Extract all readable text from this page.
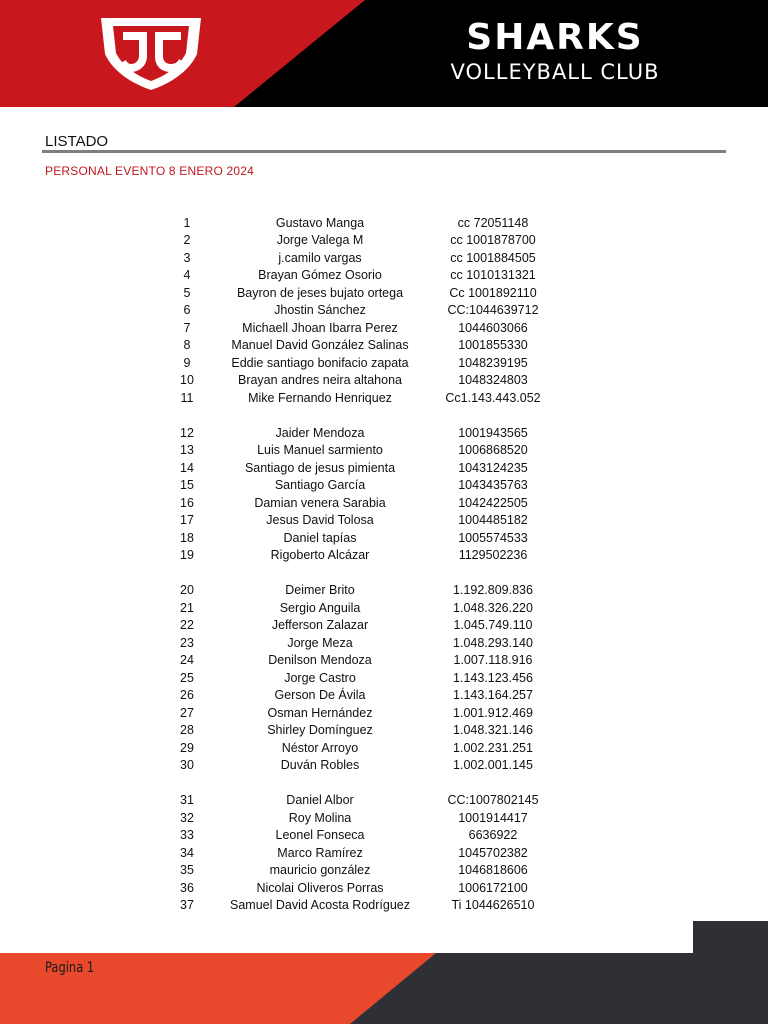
SHARKS
VOLLEYBALL CLUB
LISTADO
PERSONAL EVENTO 8 ENERO 2024
1	Gustavo Manga	cc 72051148
2	Jorge Valega M	cc 1001878700
3	j.camilo vargas	cc 1001884505
4	Brayan Gómez Osorio	cc 1010131321
5	Bayron de jeses bujato ortega	Cc 1001892110
6	Jhostin Sánchez	CC:1044639712
7	Michaell Jhoan Ibarra Perez	1044603066
8	Manuel David González Salinas	1001855330
9	Eddie santiago bonifacio zapata	1048239195
10	Brayan andres neira altahona	1048324803
11	Mike Fernando Henriquez	Cc1.143.443.052
12	Jaider Mendoza	1001943565
13	Luis Manuel sarmiento	1006868520
14	Santiago de jesus pimienta	1043124235
15	Santiago García	1043435763
16	Damian venera Sarabia	1042422505
17	Jesus David Tolosa	1004485182
18	Daniel tapías	1005574533
19	Rigoberto Alcázar	1129502236
20	Deimer Brito	1.192.809.836
21	Sergio Anguila	1.048.326.220
22	Jefferson Zalazar	1.045.749.110
23	Jorge Meza	1.048.293.140
24	Denilson Mendoza	1.007.118.916
25	Jorge Castro	1.143.123.456
26	Gerson De Ávila	1.143.164.257
27	Osman Hernández	1.001.912.469
28	Shirley Domínguez	1.048.321.146
29	Néstor Arroyo	1.002.231.251
30	Duván Robles	1.002.001.145
31	Daniel Albor	CC:1007802145
32	Roy Molina	1001914417
33	Leonel Fonseca	6636922
34	Marco Ramírez	1045702382
35	mauricio gonzález	1046818606
36	Nicolai Oliveros Porras	1006172100
37	Samuel David Acosta Rodríguez	Ti 1044626510
Pagina 1
